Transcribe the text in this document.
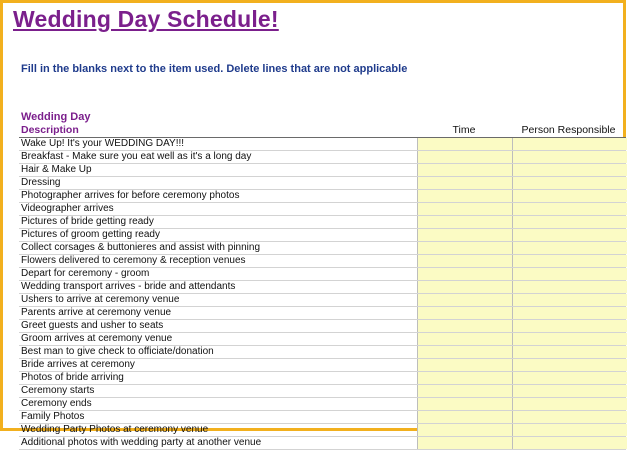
Wedding Day Schedule!
Fill in the blanks next to the item used. Delete lines that are not applicable
Wedding Day
Description	Time	Person Responsible
Wake Up! It's your WEDDING DAY!!!
Breakfast - Make sure you eat well as it's a long day
Hair & Make Up
Dressing
Photographer arrives for before ceremony photos
Videographer arrives
Pictures of bride getting ready
Pictures of groom getting ready
Collect corsages & buttonieres and assist with pinning
Flowers delivered to ceremony & reception venues
Depart for ceremony - groom
Wedding transport arrives - bride and attendants
Ushers to arrive at ceremony venue
Parents arrive at ceremony venue
Greet guests and usher to seats
Groom arrives at ceremony venue
Best man to give check to officiate/donation
Bride arrives at ceremony
Photos of bride arriving
Ceremony starts
Ceremony ends
Family Photos
Wedding Party Photos at ceremony venue
Additional photos with wedding party at another venue
